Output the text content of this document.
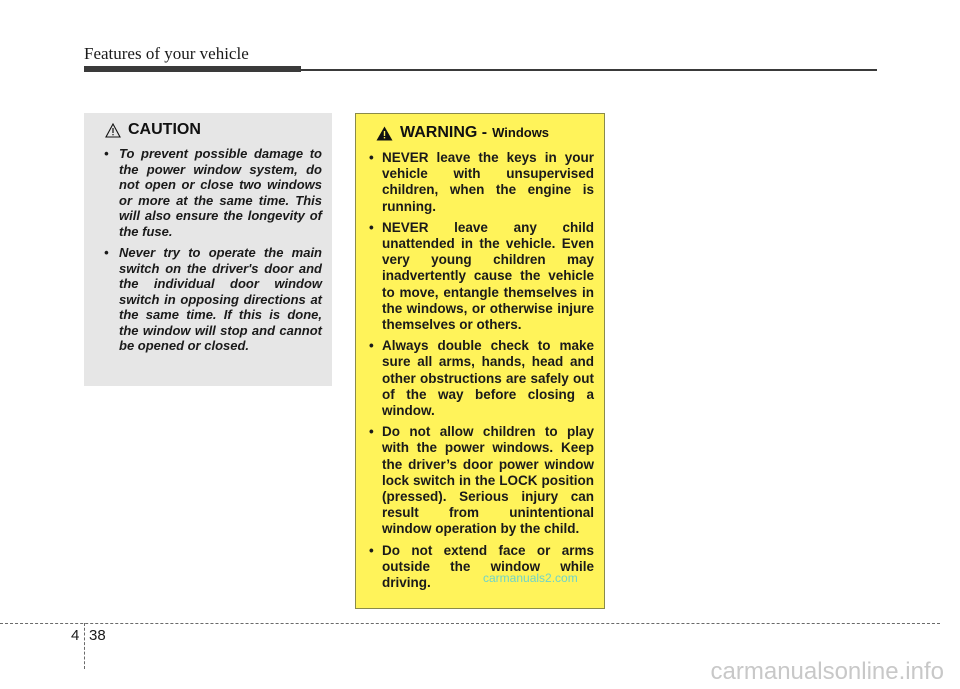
Features of your vehicle
CAUTION
• To prevent possible damage to the power window system, do not open or close two windows or more at the same time. This will also ensure the longevity of the fuse.
• Never try to operate the main switch on the driver's door and the individual door window switch in opposing directions at the same time. If this is done, the window will stop and cannot be opened or closed.
WARNING - Windows
• NEVER leave the keys in your vehicle with unsupervised children, when the engine is running.
• NEVER leave any child unattended in the vehicle. Even very young children may inadvertently cause the vehicle to move, entangle themselves in the windows, or otherwise injure themselves or others.
• Always double check to make sure all arms, hands, head and other obstructions are safely out of the way before closing a window.
• Do not allow children to play with the power windows. Keep the driver’s door power window lock switch in the LOCK position (pressed). Serious injury can result from unintentional window operation by the child.
• Do not extend face or arms outside the window while driving.	carmanuals2.com
4 38
carmanualsonline.info
